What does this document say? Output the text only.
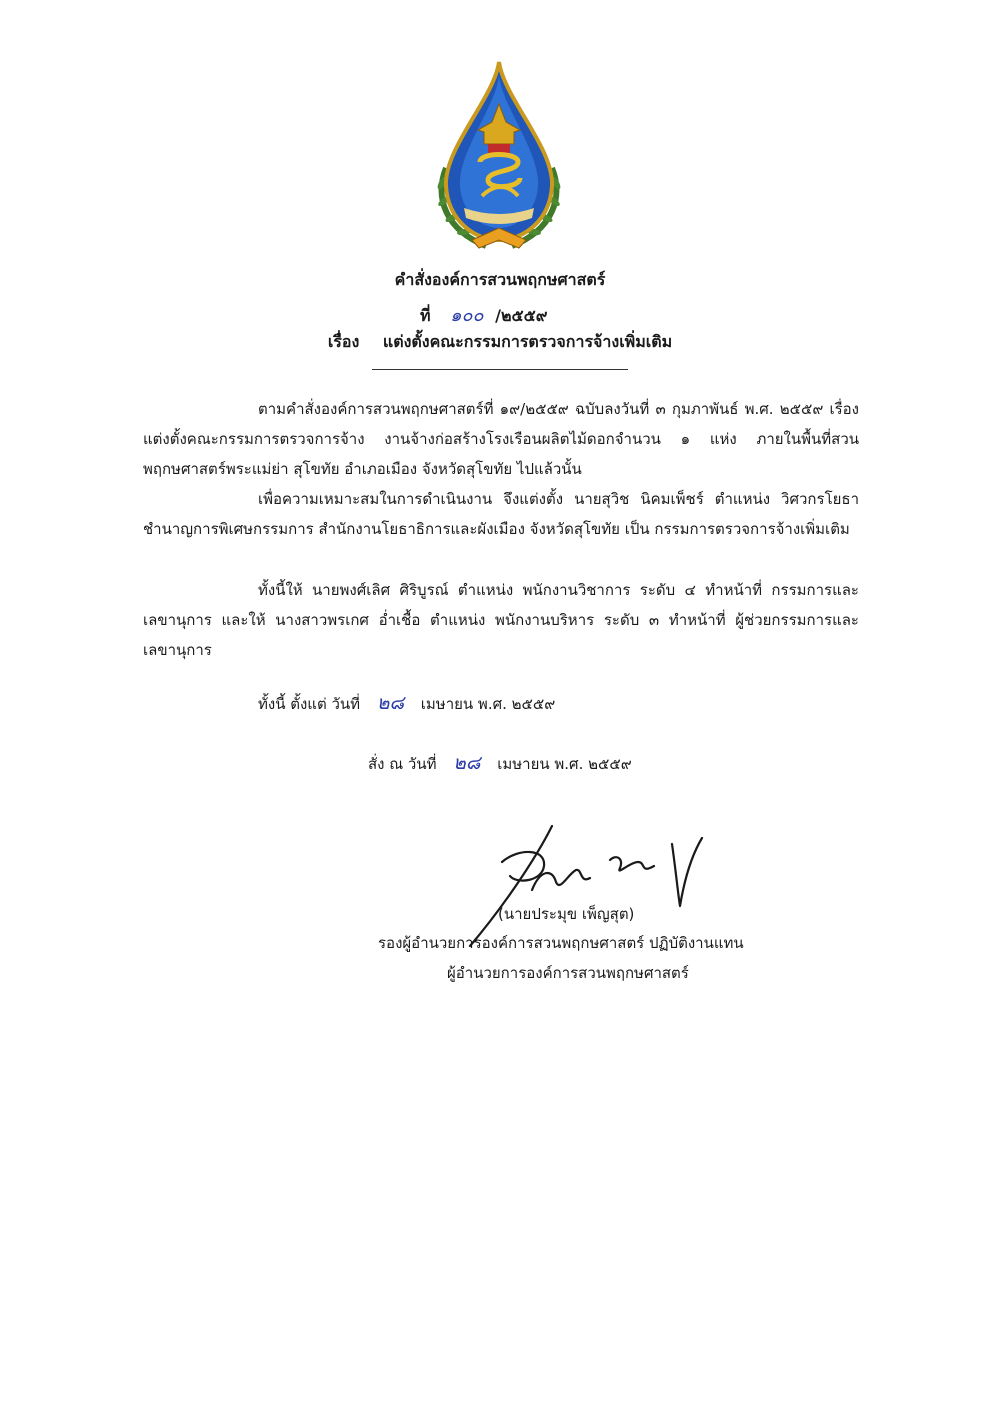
คำสั่งองค์การสวนพฤกษศาสตร์
ที่ ๑๐๐ /๒๕๕๙
เรื่อง แต่งตั้งคณะกรรมการตรวจการจ้างเพิ่มเติม
ตามคำสั่งองค์การสวนพฤกษศาสตร์ที่ ๑๙/๒๕๕๙ ฉบับลงวันที่ ๓ กุมภาพันธ์ พ.ศ. ๒๕๕๙ เรื่อง แต่งตั้งคณะกรรมการตรวจการจ้าง งานจ้างก่อสร้างโรงเรือนผลิตไม้ดอกจำนวน ๑ แห่ง ภายในพื้นที่สวนพฤกษศาสตร์พระแม่ย่า สุโขทัย อำเภอเมือง จังหวัดสุโขทัย ไปแล้วนั้น
เพื่อความเหมาะสมในการดำเนินงาน จึงแต่งตั้ง นายสุวิช นิคมเพ็ชร์ ตำแหน่ง วิศวกรโยธาชำนาญการพิเศษกรรมการ สำนักงานโยธาธิการและผังเมือง จังหวัดสุโขทัย เป็น กรรมการตรวจการจ้างเพิ่มเติม
ทั้งนี้ให้ นายพงศ์เลิศ ศิริบูรณ์ ตำแหน่ง พนักงานวิชาการ ระดับ ๔ ทำหน้าที่ กรรมการและเลขานุการ และให้ นางสาวพรเกศ อ่ำเชื้อ ตำแหน่ง พนักงานบริหาร ระดับ ๓ ทำหน้าที่ ผู้ช่วยกรรมการและเลขานุการ
ทั้งนี้ ตั้งแต่ วันที่ ๒๘ เมษายน พ.ศ. ๒๕๕๙
สั่ง ณ วันที่ ๒๘ เมษายน พ.ศ. ๒๕๕๙
(นายประมุข เพ็ญสุต)
รองผู้อำนวยการองค์การสวนพฤกษศาสตร์ ปฏิบัติงานแทน
ผู้อำนวยการองค์การสวนพฤกษศาสตร์
